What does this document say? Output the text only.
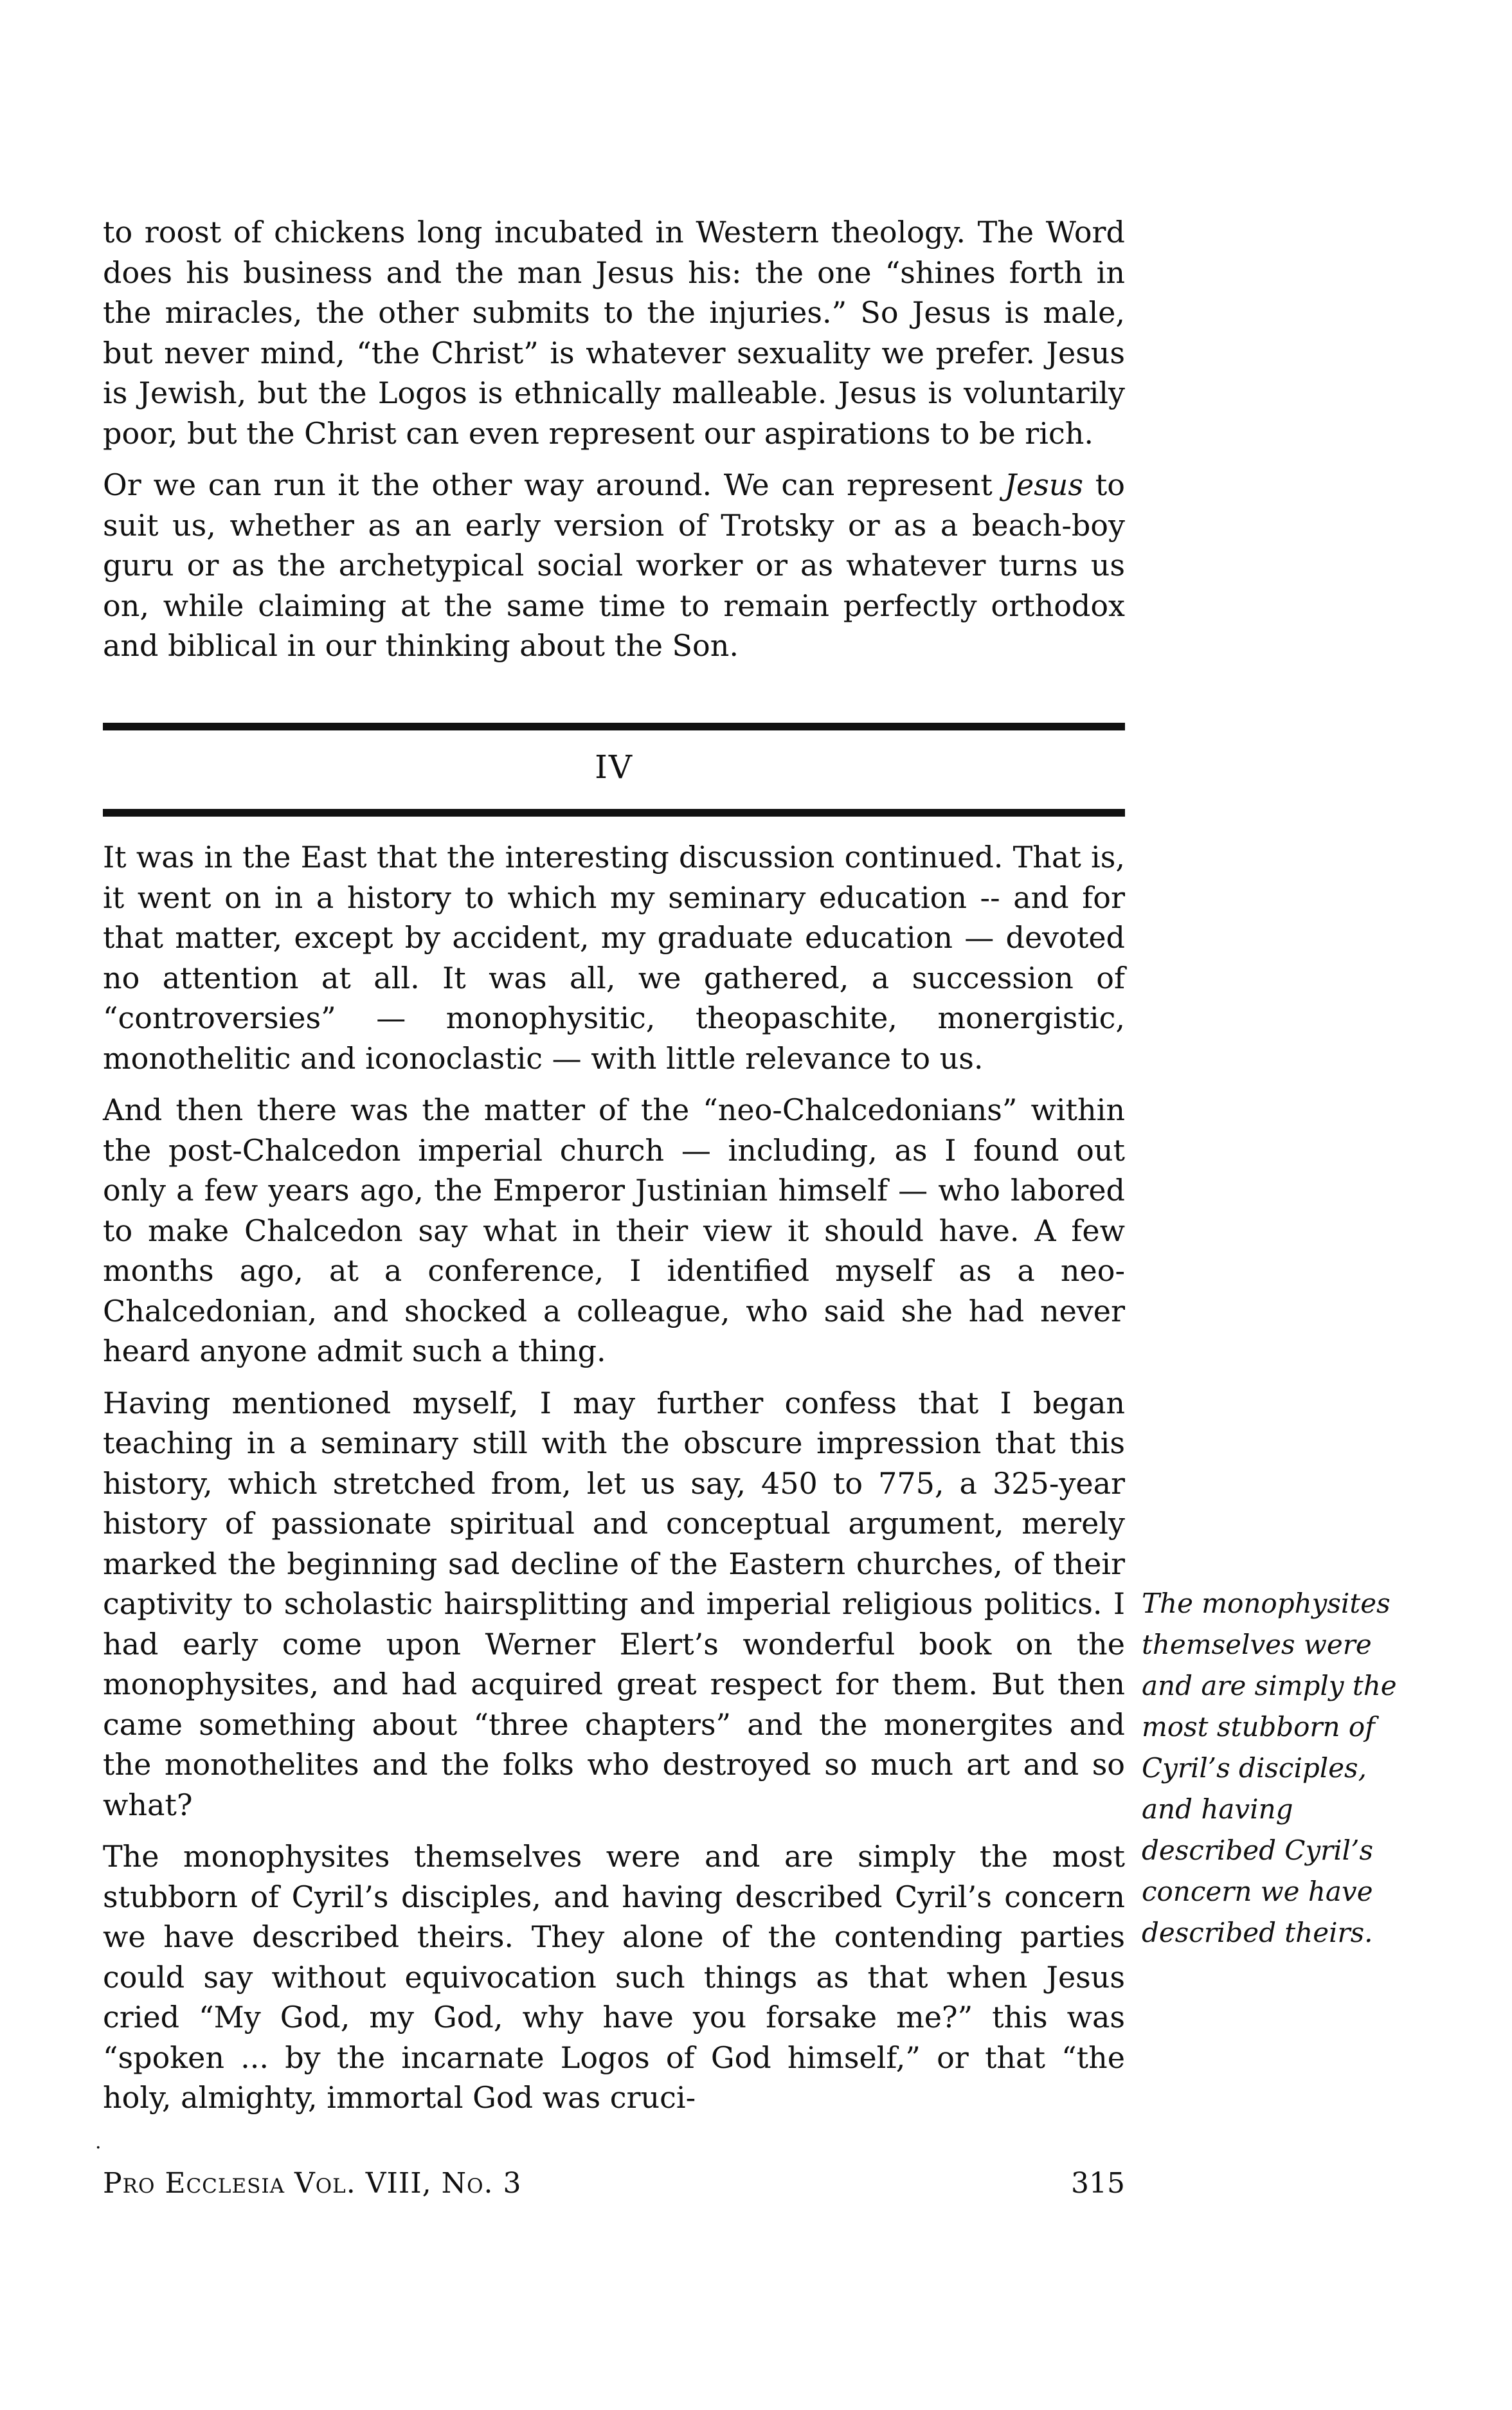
to roost of chickens long incubated in Western theology. The Word does his business and the man Jesus his: the one “shines forth in the miracles, the other submits to the injuries.” So Jesus is male, but never mind, “the Christ” is whatever sexuality we prefer. Jesus is Jewish, but the Logos is ethnically malleable. Jesus is voluntarily poor, but the Christ can even represent our aspirations to be rich.

Or we can run it the other way around. We can represent Jesus to suit us, whether as an early version of Trotsky or as a beach-boy guru or as the archetypical social worker or as whatever turns us on, while claiming at the same time to remain perfectly orthodox and biblical in our thinking about the Son.

IV

It was in the East that the interesting discussion continued. That is, it went on in a history to which my seminary education -- and for that matter, except by accident, my graduate education — devoted no attention at all. It was all, we gathered, a succession of “controversies” — monophysitic, theopaschite, monergistic, monothelitic and iconoclastic — with little relevance to us.

And then there was the matter of the “neo-Chalcedonians” within the post-Chalcedon imperial church — including, as I found out only a few years ago, the Emperor Justinian himself — who labored to make Chalcedon say what in their view it should have. A few months ago, at a conference, I identified myself as a neo-Chalcedonian, and shocked a colleague, who said she had never heard anyone admit such a thing.

Having mentioned myself, I may further confess that I began teaching in a seminary still with the obscure impression that this history, which stretched from, let us say, 450 to 775, a 325-year history of passionate spiritual and conceptual argument, merely marked the beginning sad decline of the Eastern churches, of their captivity to scholastic hairsplitting and imperial religious politics. I had early come upon Werner Elert’s wonderful book on the monophysites, and had acquired great respect for them. But then came something about “three chapters” and the monergites and the monothelites and the folks who destroyed so much art and so what?

The monophysites themselves were and are simply the most stubborn of Cyril’s disciples, and having described Cyril’s concern we have described theirs. They alone of the contending parties could say without equivocation such things as that when Jesus cried “My God, my God, why have you forsake me?” this was “spoken ... by the incarnate Logos of God himself,” or that “the holy, almighty, immortal God was cruci-

The monophysites themselves were and are simply the most stubborn of Cyril’s disciples, and having described Cyril’s concern we have described theirs.
·
Pro Ecclesia Vol. VIII, No. 3	315
